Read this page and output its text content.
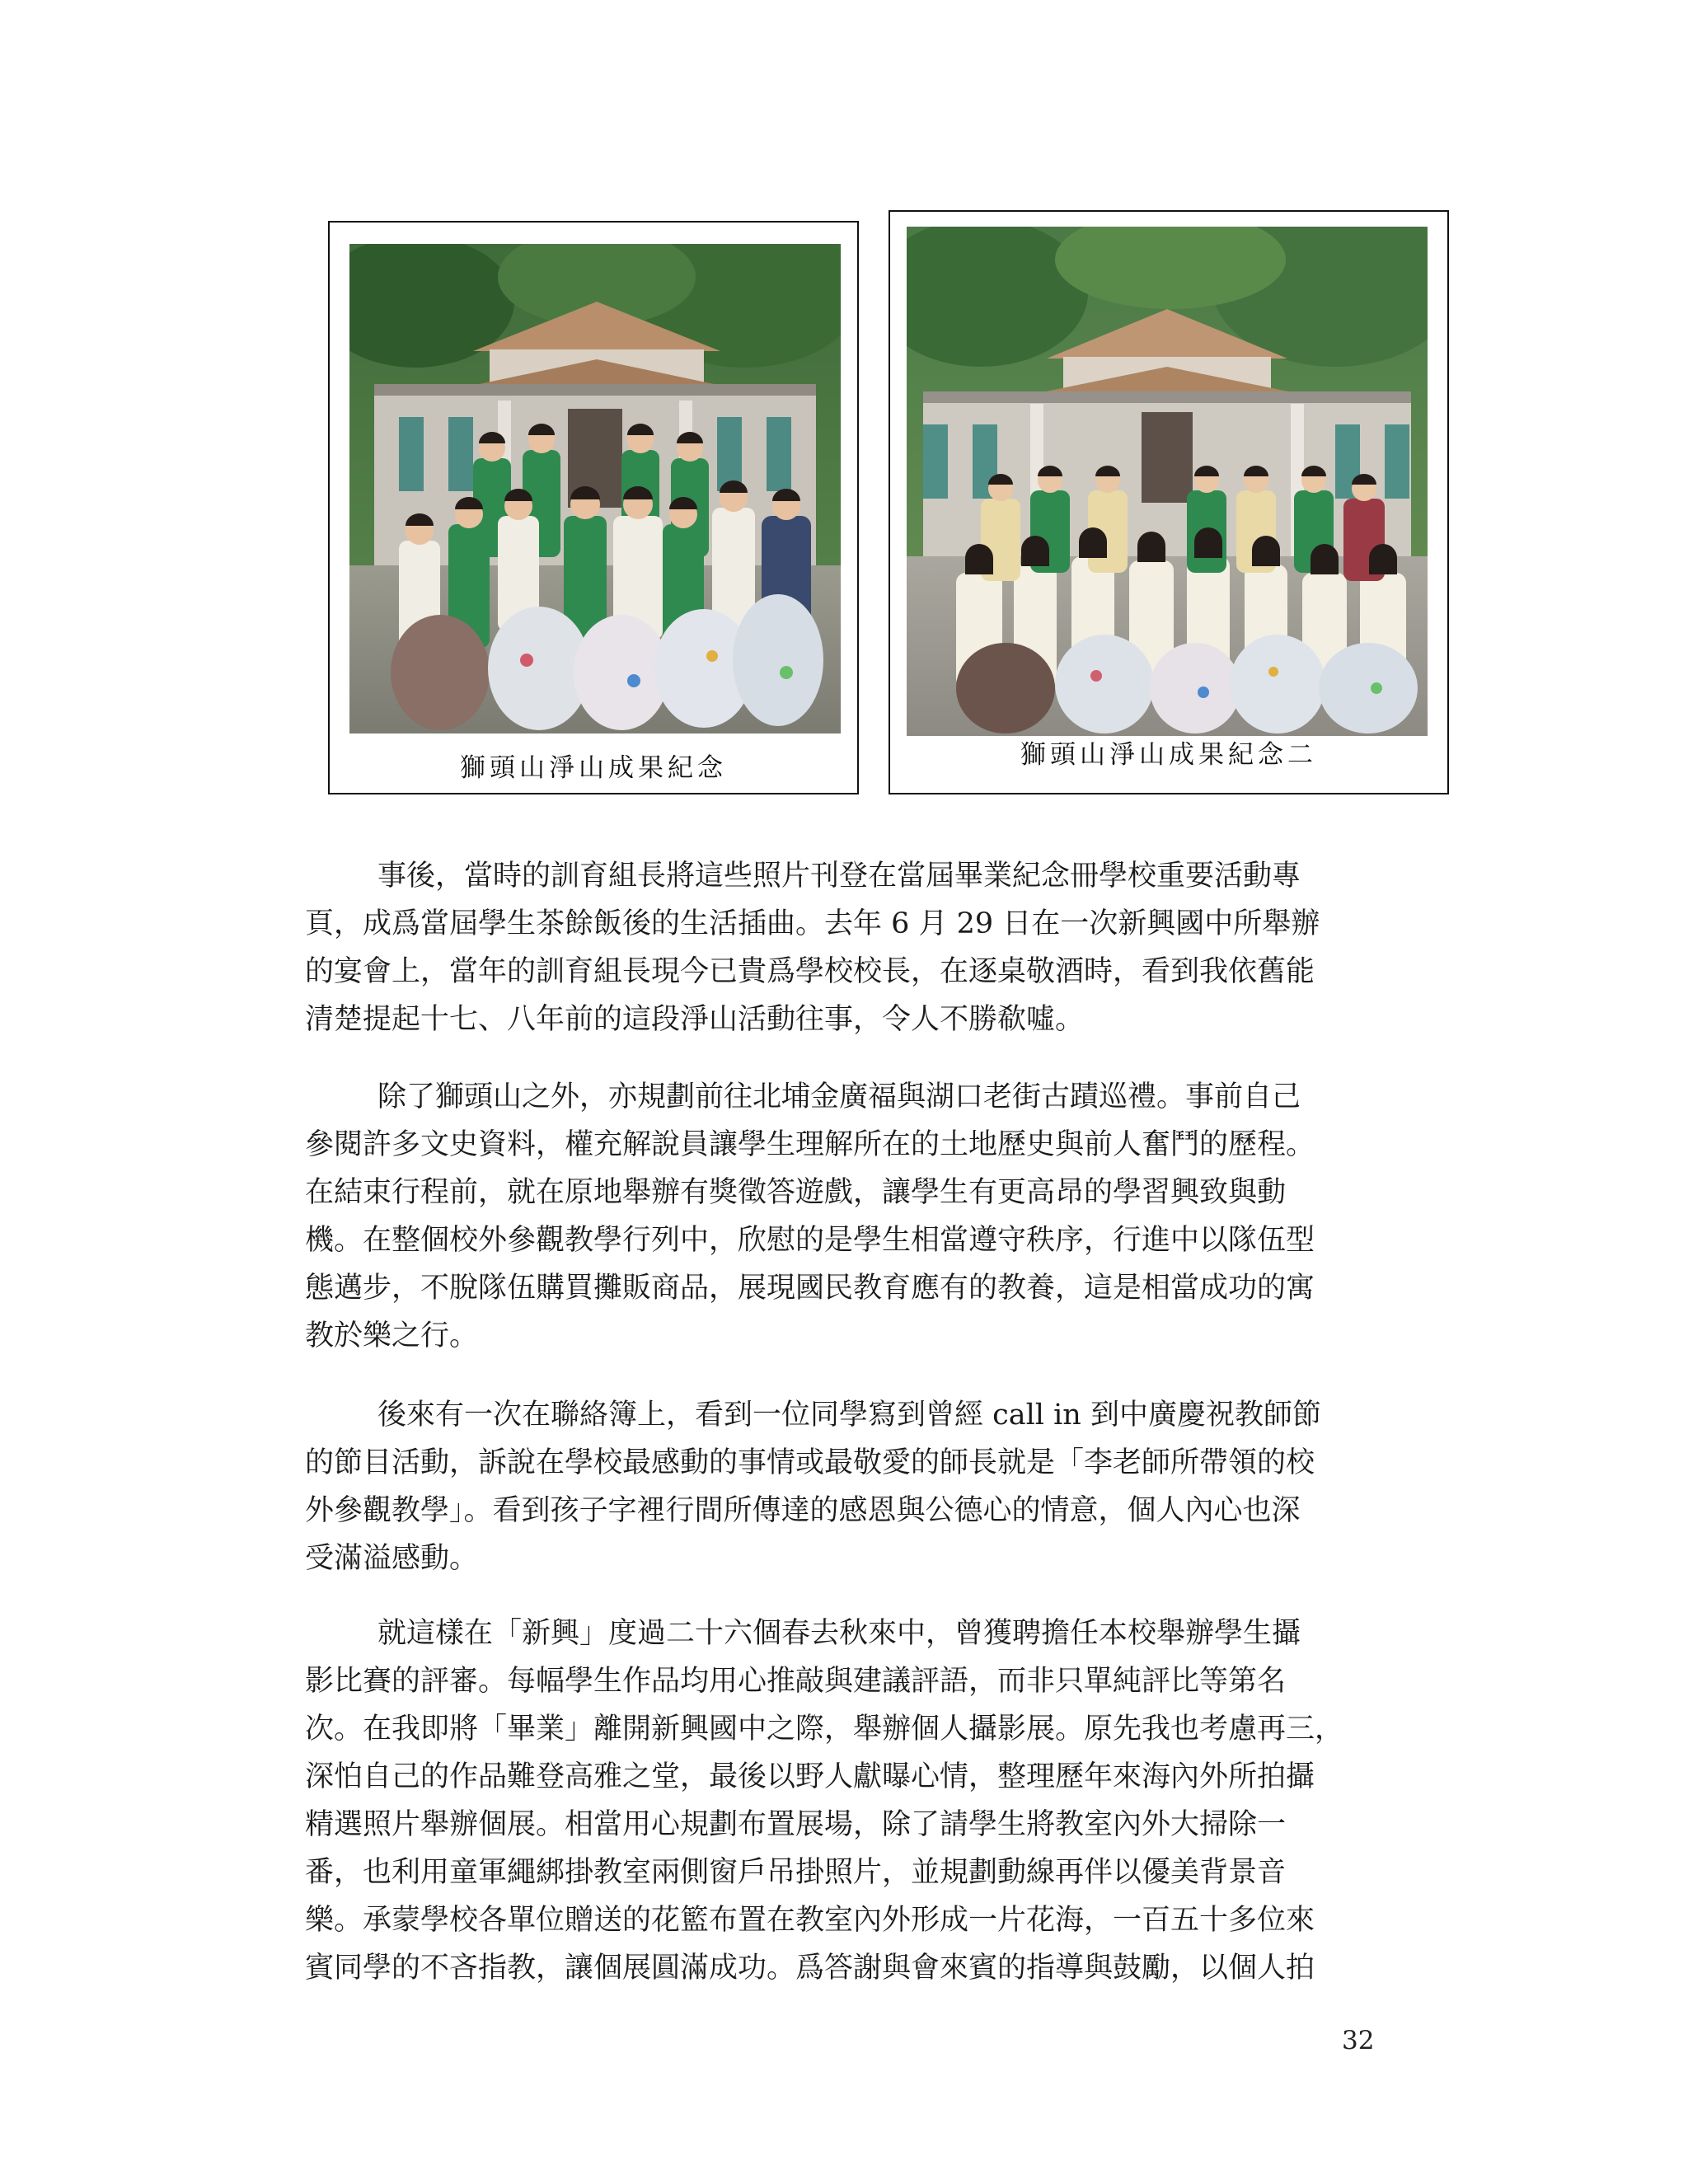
獅頭山淨山成果紀念	獅頭山淨山成果紀念二
事後，當時的訓育組長將這些照片刊登在當屆畢業紀念冊學校重要活動專
頁，成爲當屆學生茶餘飯後的生活插曲。去年 6 月 29 日在一次新興國中所舉辦
的宴會上，當年的訓育組長現今已貴爲學校校長，在逐桌敬酒時，看到我依舊能
清楚提起十七、八年前的這段淨山活動往事，令人不勝欷噓。
除了獅頭山之外，亦規劃前往北埔金廣福與湖口老街古蹟巡禮。事前自己
參閱許多文史資料，權充解說員讓學生理解所在的土地歷史與前人奮鬥的歷程。
在結束行程前，就在原地舉辦有獎徵答遊戲，讓學生有更高昂的學習興致與動
機。在整個校外參觀教學行列中，欣慰的是學生相當遵守秩序，行進中以隊伍型
態邁步，不脫隊伍購買攤販商品，展現國民教育應有的教養，這是相當成功的寓
教於樂之行。
後來有一次在聯絡簿上，看到一位同學寫到曾經 call in 到中廣慶祝教師節
的節目活動，訴說在學校最感動的事情或最敬愛的師長就是「李老師所帶領的校
外參觀教學」。看到孩子字裡行間所傳達的感恩與公德心的情意，個人內心也深
受滿溢感動。
就這樣在「新興」度過二十六個春去秋來中，曾獲聘擔任本校舉辦學生攝
影比賽的評審。每幅學生作品均用心推敲與建議評語，而非只單純評比等第名
次。在我即將「畢業」離開新興國中之際，舉辦個人攝影展。原先我也考慮再三，
深怕自己的作品難登高雅之堂，最後以野人獻曝心情，整理歷年來海內外所拍攝
精選照片舉辦個展。相當用心規劃布置展場，除了請學生將教室內外大掃除一
番，也利用童軍繩綁掛教室兩側窗戶吊掛照片，並規劃動線再伴以優美背景音
樂。承蒙學校各單位贈送的花籃布置在教室內外形成一片花海，一百五十多位來
賓同學的不吝指教，讓個展圓滿成功。爲答謝與會來賓的指導與鼓勵，以個人拍
32
